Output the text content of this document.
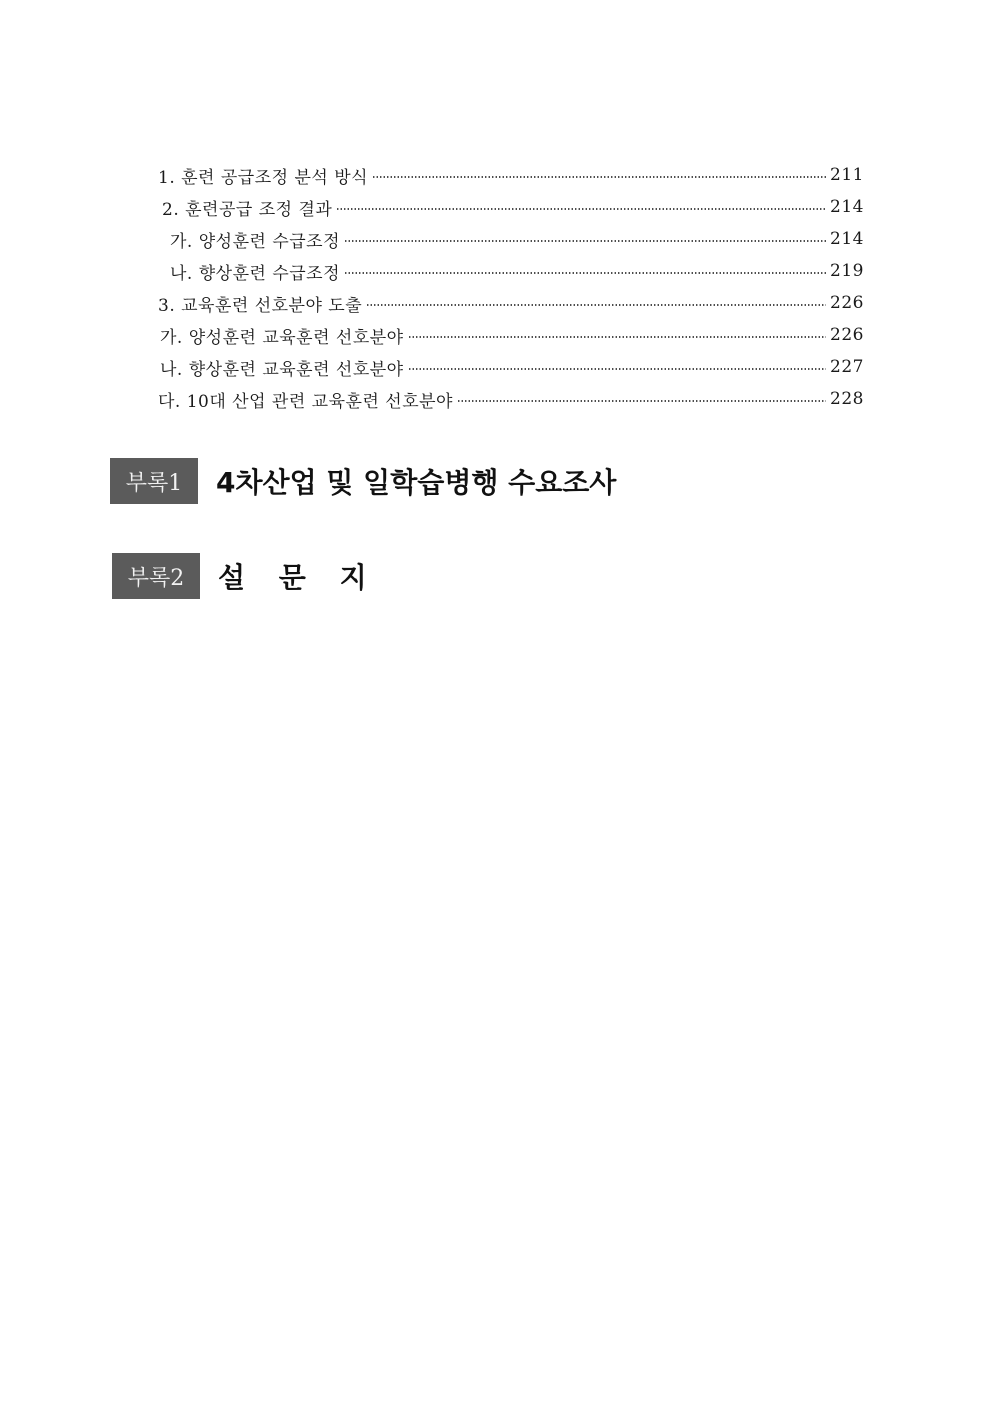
1. 훈련 공급조정 분석 방식	211
2. 훈련공급 조정 결과	214
가. 양성훈련 수급조정	214
나. 향상훈련 수급조정	219
3. 교육훈련 선호분야 도출	226
가. 양성훈련 교육훈련 선호분야	226
나. 향상훈련 교육훈련 선호분야	227
다. 10대 산업 관련 교육훈련 선호분야	228
부록1	4차산업 및 일학습병행 수요조사
부록2	설 문 지
